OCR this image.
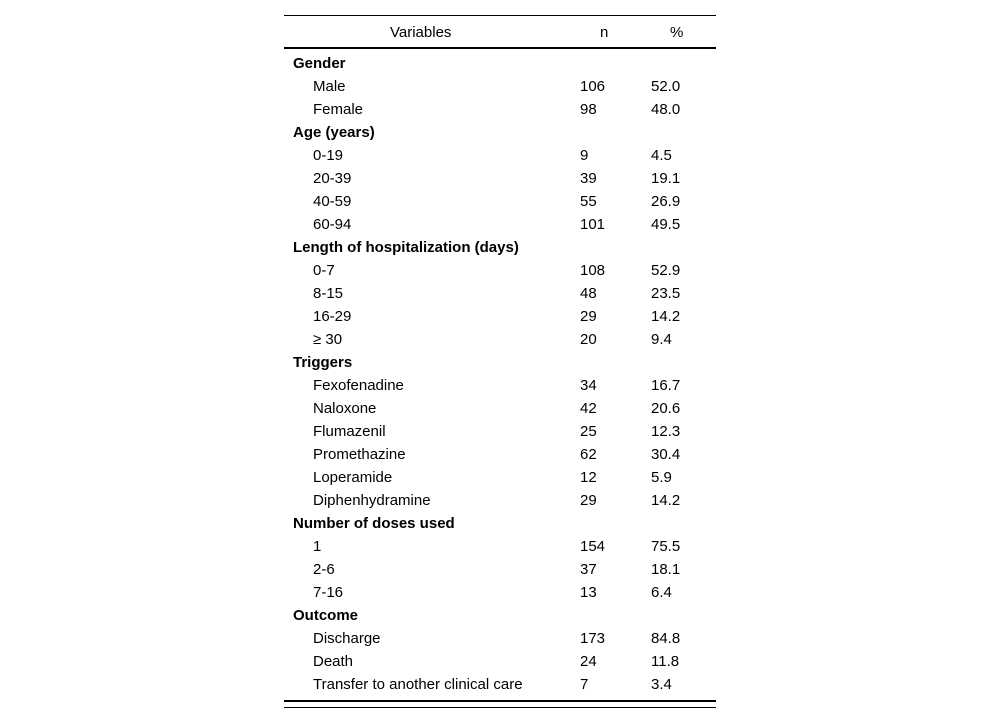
Variables	n	%
Gender
Male	106	52.0
Female	98	48.0
Age (years)
0-19	9	4.5
20-39	39	19.1
40-59	55	26.9
60-94	101	49.5
Length of hospitalization (days)
0-7	108	52.9
8-15	48	23.5
16-29	29	14.2
≥ 30	20	9.4
Triggers
Fexofenadine	34	16.7
Naloxone	42	20.6
Flumazenil	25	12.3
Promethazine	62	30.4
Loperamide	12	5.9
Diphenhydramine	29	14.2
Number of doses used
1	154	75.5
2-6	37	18.1
7-16	13	6.4
Outcome
Discharge	173	84.8
Death	24	11.8
Transfer to another clinical care	7	3.4
